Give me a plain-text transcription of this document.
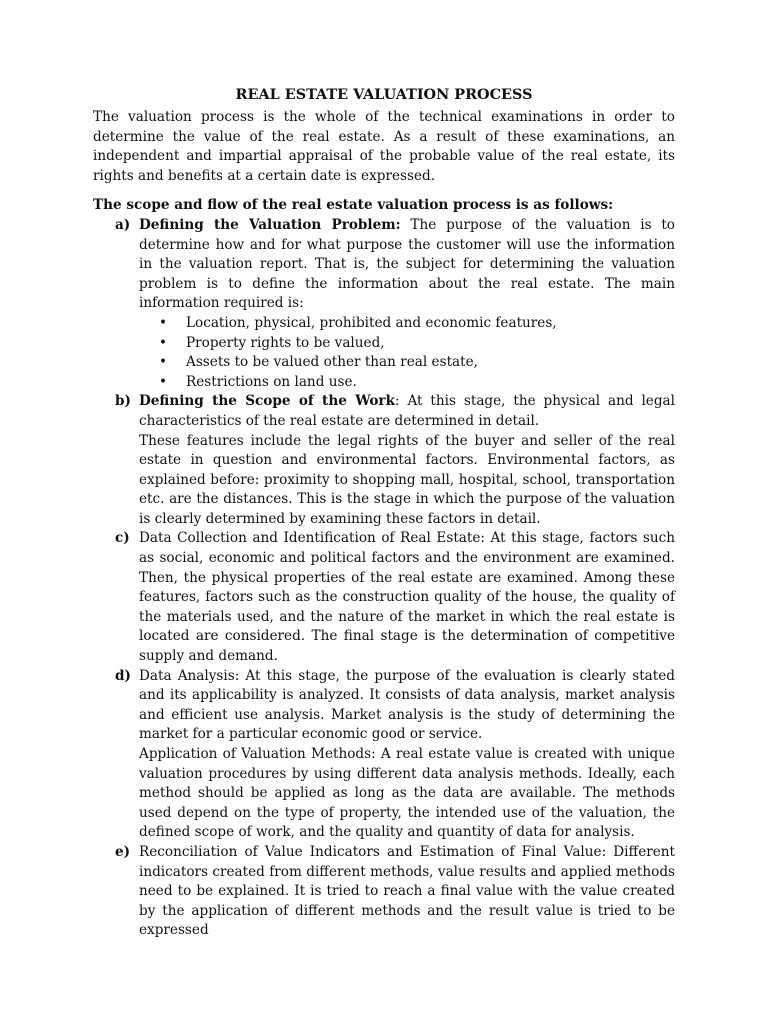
REAL ESTATE VALUATION PROCESS

The valuation process is the whole of the technical examinations in order to determine the value of the real estate. As a result of these examinations, an independent and impartial appraisal of the probable value of the real estate, its rights and benefits at a certain date is expressed.

The scope and flow of the real estate valuation process is as follows:

a) Defining the Valuation Problem: The purpose of the valuation is to determine how and for what purpose the customer will use the information in the valuation report. That is, the subject for determining the valuation problem is to define the information about the real estate. The main information required is:
• Location, physical, prohibited and economic features,
• Property rights to be valued,
• Assets to be valued other than real estate,
• Restrictions on land use.
b) Defining the Scope of the Work: At this stage, the physical and legal characteristics of the real estate are determined in detail.
These features include the legal rights of the buyer and seller of the real estate in question and environmental factors. Environmental factors, as explained before: proximity to shopping mall, hospital, school, transportation etc. are the distances. This is the stage in which the purpose of the valuation is clearly determined by examining these factors in detail.
c) Data Collection and Identification of Real Estate: At this stage, factors such as social, economic and political factors and the environment are examined. Then, the physical properties of the real estate are examined. Among these features, factors such as the construction quality of the house, the quality of the materials used, and the nature of the market in which the real estate is located are considered. The final stage is the determination of competitive supply and demand.
d) Data Analysis: At this stage, the purpose of the evaluation is clearly stated and its applicability is analyzed. It consists of data analysis, market analysis and efficient use analysis. Market analysis is the study of determining the market for a particular economic good or service.
Application of Valuation Methods: A real estate value is created with unique valuation procedures by using different data analysis methods. Ideally, each method should be applied as long as the data are available. The methods used depend on the type of property, the intended use of the valuation, the defined scope of work, and the quality and quantity of data for analysis.
e) Reconciliation of Value Indicators and Estimation of Final Value: Different indicators created from different methods, value results and applied methods need to be explained. It is tried to reach a final value with the value created by the application of different methods and the result value is tried to be expressed
